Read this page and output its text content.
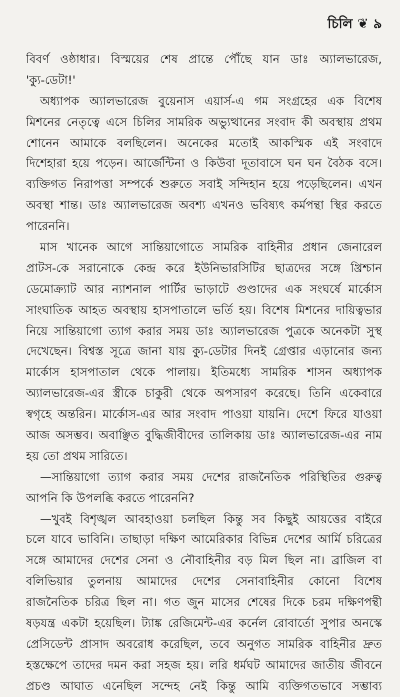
চিলি ❦ ৯
বিবর্ণ ওষ্ঠাধার। বিস্ময়ের শেষ প্রান্তে পৌঁছে যান ডাঃ অ্যালভারেজ,
'ক্যু-ডেটা!'
অধ্যাপক অ্যালভারেজ বুয়েনাস এয়ার্স-এ গম সংগ্রহের এক বিশেষ
মিশনের নেতৃত্বে এসে চিলির সামরিক অভ্যুত্থানের সংবাদ কী অবস্থায় প্রথম
শোনেন আমাকে বলছিলেন। অনেকের মতোই আকস্মিক এই সংবাদে
দিশেহারা হয়ে পড়েন। আর্জেন্টিনা ও কিউবা দূতাবাসে ঘন ঘন বৈঠক বসে।
ব্যক্তিগত নিরাপত্তা সম্পর্কে শুরুতে সবাই সন্দিহান হয়ে পড়েছিলেন। এখন
অবস্থা শান্ত। ডাঃ অ্যালভারেজ অবশ্য এখনও ভবিষ্যৎ কর্মপন্থা স্থির করতে
পারেননি।
মাস খানেক আগে সান্তিয়াগোতে সামরিক বাহিনীর প্রধান জেনারেল
প্রাটস-কে সরানোকে কেন্দ্র করে ইউনিভারসিটির ছাত্রদের সঙ্গে খ্রিশ্চান
ডেমোক্র্যাট আর ন্যাশনাল পার্টির ভাড়াটে গুণ্ডাদের এক সংঘর্ষে মার্কোস
সাংঘাতিক আহত অবস্থায় হাসপাতালে ভর্তি হয়। বিশেষ মিশনের দায়িত্বভার
নিয়ে সান্তিয়াগো ত্যাগ করার সময় ডাঃ অ্যালভারেজ পুত্রকে অনেকটা সুস্থ
দেখেছেন। বিশ্বস্ত সূত্রে জানা যায় ক্যু-ডেটার দিনই গ্রেপ্তার এড়ানোর জন্য
মার্কোস হাসপাতাল থেকে পালায়। ইতিমধ্যে সামরিক শাসন অধ্যাপক
অ্যালভারেজ-এর স্ত্রীকে চাকুরী থেকে অপসারণ করেছে। তিনি একেবারে
স্বগৃহে অন্তরিন। মার্কোস-এর আর সংবাদ পাওয়া যায়নি। দেশে ফিরে যাওয়া
আজ অসম্ভব। অবাঞ্ছিত বুদ্ধিজীবীদের তালিকায় ডাঃ অ্যালভারেজ-এর নাম
হয় তো প্রথম সারিতে।
—সান্তিয়াগো ত্যাগ করার সময় দেশের রাজনৈতিক পরিস্থিতির গুরুত্ব
আপনি কি উপলব্ধি করতে পারেননি?
—খুবই বিশৃঙ্খল আবহাওয়া চলছিল কিন্তু সব কিছুই আয়ত্তের বাইরে
চলে যাবে ভাবিনি। তাছাড়া দক্ষিণ আমেরিকার বিভিন্ন দেশের আর্মি চরিত্রের
সঙ্গে আমাদের দেশের সেনা ও নৌবাহিনীর বড় মিল ছিল না। ব্রাজিল বা
বলিভিয়ার তুলনায় আমাদের দেশের সেনাবাহিনীর কোনো বিশেষ
রাজনৈতিক চরিত্র ছিল না। গত জুন মাসের শেষের দিকে চরম দক্ষিণপন্থী
ষড়যন্ত্র একটা হয়েছিল। ট্যাঙ্ক রেজিমেন্ট-এর কর্নেল রোবার্তো সুপার অনস্কে
প্রেসিডেন্ট প্রাসাদ অবরোধ করেছিল, তবে অনুগত সামরিক বাহিনীর দ্রুত
হস্তক্ষেপে তাদের দমন করা সহজ হয়। লরি ধর্মঘট আমাদের জাতীয় জীবনে
প্রচণ্ড আঘাত এনেছিল সন্দেহ নেই কিন্তু আমি ব্যক্তিগতভাবে সম্ভাব্য
